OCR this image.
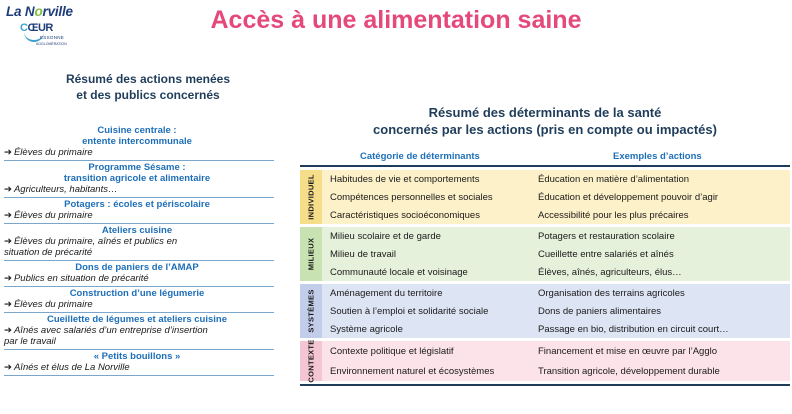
La Norville
CŒUR
ESSONNE
AGGLOMÉRATION
Accès à une alimentation saine
Résumé des actions menées
et des publics concernés
Cuisine centrale :
entente intercommunale
➔ Élèves du primaire
Programme Sésame :
transition agricole et alimentaire
➔ Agriculteurs, habitants…
Potagers : écoles et périscolaire
➔ Élèves du primaire
Ateliers cuisine
➔ Élèves du primaire, aînés et publics en
situation de précarité
Dons de paniers de l’AMAP
➔ Publics en situation de précarité
Construction d’une légumerie
➔ Élèves du primaire
Cueillette de légumes et ateliers cuisine
➔ Aînés avec salariés d’un entreprise d’insertion
par le travail
« Petits bouillons »
➔ Aînés et élus de La Norville
Résumé des déterminants de la santé
concernés par les actions (pris en compte ou impactés)
Catégorie de déterminants	Exemples d’actions
INDIVIDUEL	Habitudes de vie et comportements	Éducation en matière d’alimentation
Compétences personnelles et sociales	Éducation et développement pouvoir d’agir
Caractéristiques socioéconomiques	Accessibilité pour les plus précaires
MILIEUX
Milieu scolaire et de garde	Potagers et restauration scolaire
Milieu de travail	Cueillette entre salariés et aînés
Communauté locale et voisinage	Élèves, aînés, agriculteurs, élus…
SYSTÈMES	Aménagement du territoire	Organisation des terrains agricoles
Soutien à l’emploi et solidarité sociale	Dons de paniers alimentaires
Système agricole	Passage en bio, distribution en circuit court…
CONTEXTE	Contexte politique et législatif	Financement et mise en œuvre par l’Agglo
Environnement naturel et écosystèmes	Transition agricole, développement durable
